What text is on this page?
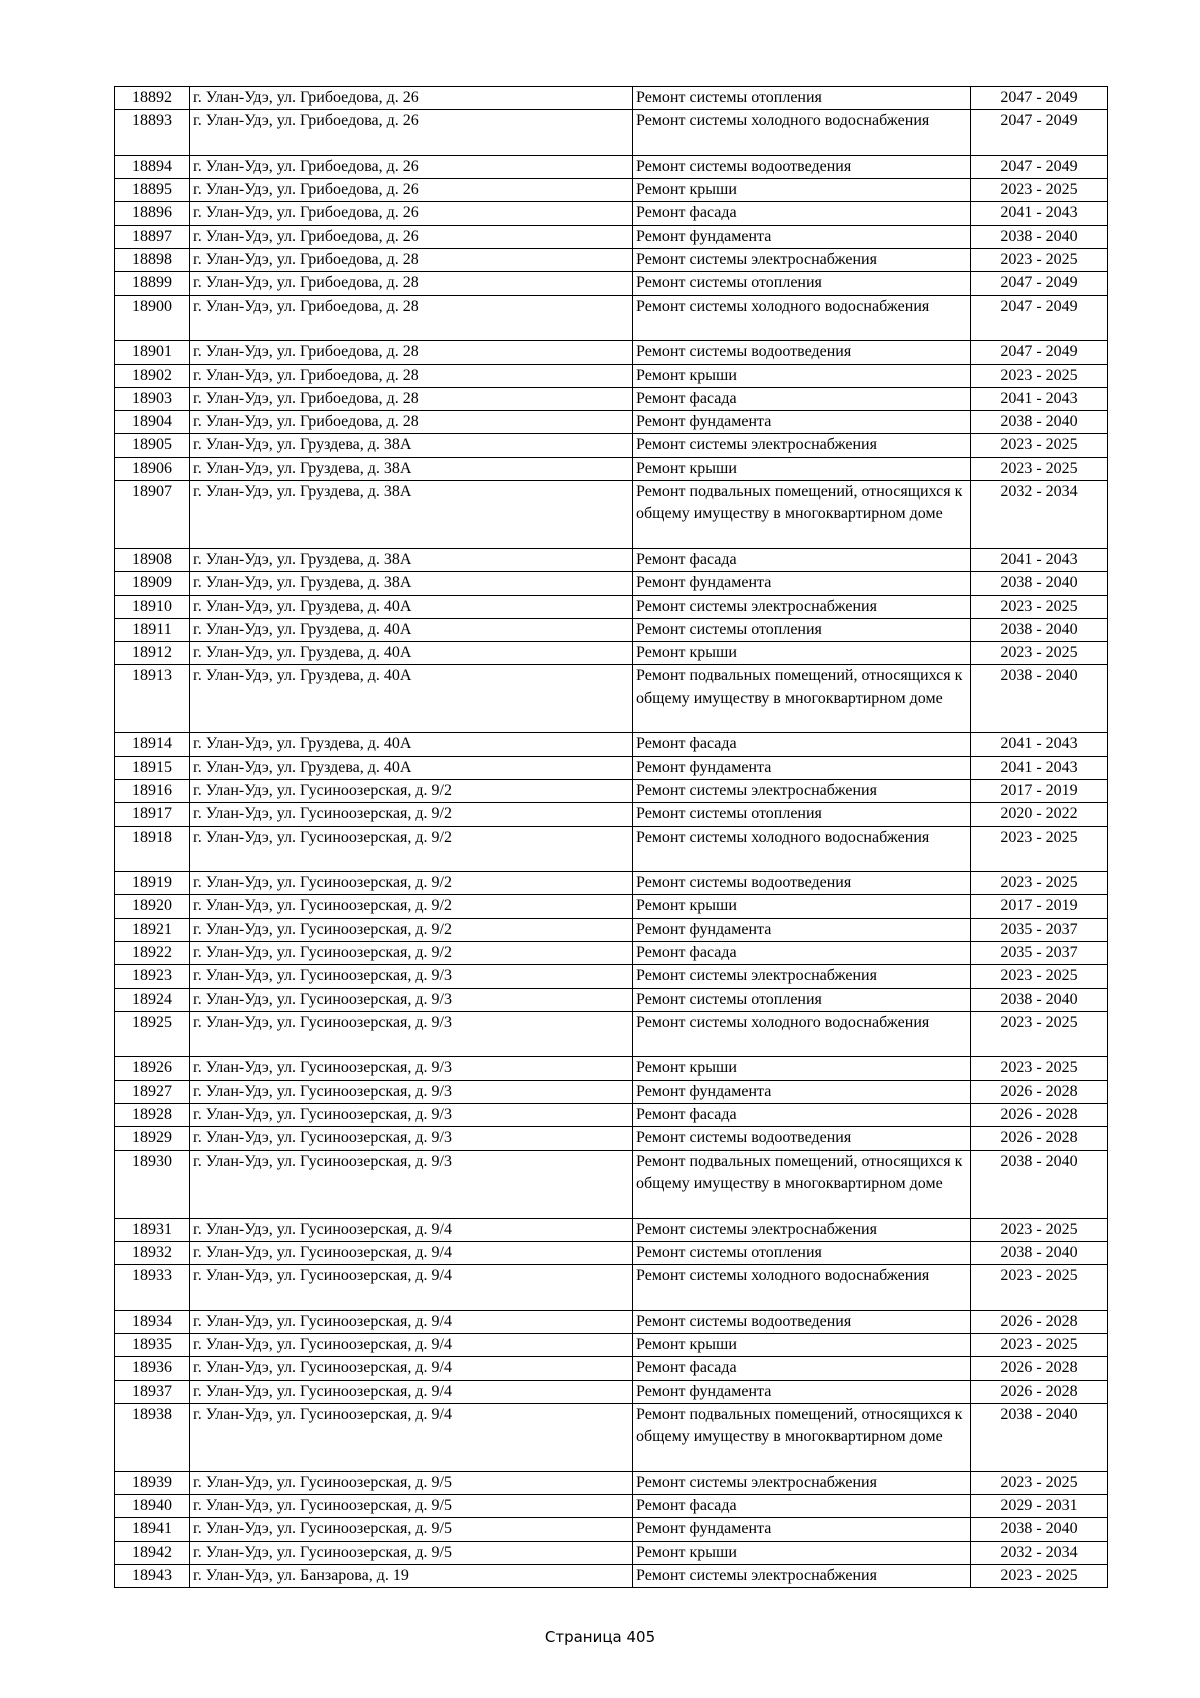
18892	г. Улан-Удэ, ул. Грибоедова, д. 26	Ремонт системы отопления	2047 - 2049
18893	г. Улан-Удэ, ул. Грибоедова, д. 26	Ремонт системы холодного водоснабжения	2047 - 2049
18894	г. Улан-Удэ, ул. Грибоедова, д. 26	Ремонт системы водоотведения	2047 - 2049
18895	г. Улан-Удэ, ул. Грибоедова, д. 26	Ремонт крыши	2023 - 2025
18896	г. Улан-Удэ, ул. Грибоедова, д. 26	Ремонт фасада	2041 - 2043
18897	г. Улан-Удэ, ул. Грибоедова, д. 26	Ремонт фундамента	2038 - 2040
18898	г. Улан-Удэ, ул. Грибоедова, д. 28	Ремонт системы электроснабжения	2023 - 2025
18899	г. Улан-Удэ, ул. Грибоедова, д. 28	Ремонт системы отопления	2047 - 2049
18900	г. Улан-Удэ, ул. Грибоедова, д. 28	Ремонт системы холодного водоснабжения	2047 - 2049
18901	г. Улан-Удэ, ул. Грибоедова, д. 28	Ремонт системы водоотведения	2047 - 2049
18902	г. Улан-Удэ, ул. Грибоедова, д. 28	Ремонт крыши	2023 - 2025
18903	г. Улан-Удэ, ул. Грибоедова, д. 28	Ремонт фасада	2041 - 2043
18904	г. Улан-Удэ, ул. Грибоедова, д. 28	Ремонт фундамента	2038 - 2040
18905	г. Улан-Удэ, ул. Груздева, д. 38А	Ремонт системы электроснабжения	2023 - 2025
18906	г. Улан-Удэ, ул. Груздева, д. 38А	Ремонт крыши	2023 - 2025
18907	г. Улан-Удэ, ул. Груздева, д. 38А	Ремонт подвальных помещений, относящихся к общему имуществу в многоквартирном доме	2032 - 2034
18908	г. Улан-Удэ, ул. Груздева, д. 38А	Ремонт фасада	2041 - 2043
18909	г. Улан-Удэ, ул. Груздева, д. 38А	Ремонт фундамента	2038 - 2040
18910	г. Улан-Удэ, ул. Груздева, д. 40А	Ремонт системы электроснабжения	2023 - 2025
18911	г. Улан-Удэ, ул. Груздева, д. 40А	Ремонт системы отопления	2038 - 2040
18912	г. Улан-Удэ, ул. Груздева, д. 40А	Ремонт крыши	2023 - 2025
18913	г. Улан-Удэ, ул. Груздева, д. 40А	Ремонт подвальных помещений, относящихся к общему имуществу в многоквартирном доме	2038 - 2040
18914	г. Улан-Удэ, ул. Груздева, д. 40А	Ремонт фасада	2041 - 2043
18915	г. Улан-Удэ, ул. Груздева, д. 40А	Ремонт фундамента	2041 - 2043
18916	г. Улан-Удэ, ул. Гусиноозерская, д. 9/2	Ремонт системы электроснабжения	2017 - 2019
18917	г. Улан-Удэ, ул. Гусиноозерская, д. 9/2	Ремонт системы отопления	2020 - 2022
18918	г. Улан-Удэ, ул. Гусиноозерская, д. 9/2	Ремонт системы холодного водоснабжения	2023 - 2025
18919	г. Улан-Удэ, ул. Гусиноозерская, д. 9/2	Ремонт системы водоотведения	2023 - 2025
18920	г. Улан-Удэ, ул. Гусиноозерская, д. 9/2	Ремонт крыши	2017 - 2019
18921	г. Улан-Удэ, ул. Гусиноозерская, д. 9/2	Ремонт фундамента	2035 - 2037
18922	г. Улан-Удэ, ул. Гусиноозерская, д. 9/2	Ремонт фасада	2035 - 2037
18923	г. Улан-Удэ, ул. Гусиноозерская, д. 9/3	Ремонт системы электроснабжения	2023 - 2025
18924	г. Улан-Удэ, ул. Гусиноозерская, д. 9/3	Ремонт системы отопления	2038 - 2040
18925	г. Улан-Удэ, ул. Гусиноозерская, д. 9/3	Ремонт системы холодного водоснабжения	2023 - 2025
18926	г. Улан-Удэ, ул. Гусиноозерская, д. 9/3	Ремонт крыши	2023 - 2025
18927	г. Улан-Удэ, ул. Гусиноозерская, д. 9/3	Ремонт фундамента	2026 - 2028
18928	г. Улан-Удэ, ул. Гусиноозерская, д. 9/3	Ремонт фасада	2026 - 2028
18929	г. Улан-Удэ, ул. Гусиноозерская, д. 9/3	Ремонт системы водоотведения	2026 - 2028
18930	г. Улан-Удэ, ул. Гусиноозерская, д. 9/3	Ремонт подвальных помещений, относящихся к общему имуществу в многоквартирном доме	2038 - 2040
18931	г. Улан-Удэ, ул. Гусиноозерская, д. 9/4	Ремонт системы электроснабжения	2023 - 2025
18932	г. Улан-Удэ, ул. Гусиноозерская, д. 9/4	Ремонт системы отопления	2038 - 2040
18933	г. Улан-Удэ, ул. Гусиноозерская, д. 9/4	Ремонт системы холодного водоснабжения	2023 - 2025
18934	г. Улан-Удэ, ул. Гусиноозерская, д. 9/4	Ремонт системы водоотведения	2026 - 2028
18935	г. Улан-Удэ, ул. Гусиноозерская, д. 9/4	Ремонт крыши	2023 - 2025
18936	г. Улан-Удэ, ул. Гусиноозерская, д. 9/4	Ремонт фасада	2026 - 2028
18937	г. Улан-Удэ, ул. Гусиноозерская, д. 9/4	Ремонт фундамента	2026 - 2028
18938	г. Улан-Удэ, ул. Гусиноозерская, д. 9/4	Ремонт подвальных помещений, относящихся к общему имуществу в многоквартирном доме	2038 - 2040
18939	г. Улан-Удэ, ул. Гусиноозерская, д. 9/5	Ремонт системы электроснабжения	2023 - 2025
18940	г. Улан-Удэ, ул. Гусиноозерская, д. 9/5	Ремонт фасада	2029 - 2031
18941	г. Улан-Удэ, ул. Гусиноозерская, д. 9/5	Ремонт фундамента	2038 - 2040
18942	г. Улан-Удэ, ул. Гусиноозерская, д. 9/5	Ремонт крыши	2032 - 2034
18943	г. Улан-Удэ, ул. Банзарова, д. 19	Ремонт системы электроснабжения	2023 - 2025
Страница 405
